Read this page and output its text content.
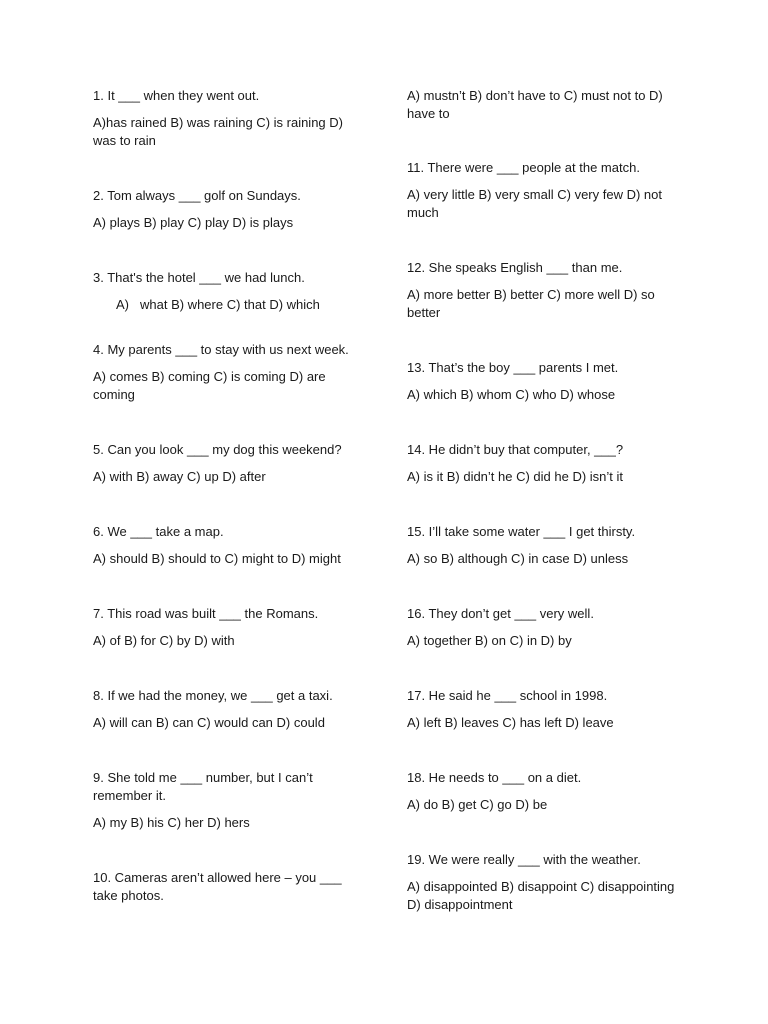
1. It ___ when they went out.

A)has rained B) was raining C) is raining D) was to rain

2. Tom always ___ golf on Sundays.

A) plays B) play C) play D) is plays

3. That's the hotel ___ we had lunch.

A) what B) where C) that D) which

4. My parents ___ to stay with us next week.

A) comes B) coming C) is coming D) are coming

5. Can you look ___ my dog this weekend?

A) with B) away C) up D) after

6. We ___ take a map.

A) should B) should to C) might to D) might

7. This road was built ___ the Romans.

A) of B) for C) by D) with

8. If we had the money, we ___ get a taxi.

A) will can B) can C) would can D) could

9. She told me ___ number, but I can’t remember it.

A) my B) his C) her D) hers

10. Cameras aren’t allowed here – you ___ take photos.

A) mustn’t B) don’t have to C) must not to D) have to

11. There were ___ people at the match.

A) very little B) very small C) very few D) not much

12. She speaks English ___ than me.

A) more better B) better C) more well D) so better

13. That’s the boy ___ parents I met.

A) which B) whom C) who D) whose

14. He didn’t buy that computer, ___?

A) is it B) didn’t he C) did he D) isn’t it

15. I’ll take some water ___ I get thirsty.

A) so B) although C) in case D) unless

16. They don’t get ___ very well.

A) together B) on C) in D) by

17. He said he ___ school in 1998.

A) left B) leaves C) has left D) leave

18. He needs to ___ on a diet.

A) do B) get C) go D) be

19. We were really ___ with the weather.

A) disappointed B) disappoint C) disappointing D) disappointment
